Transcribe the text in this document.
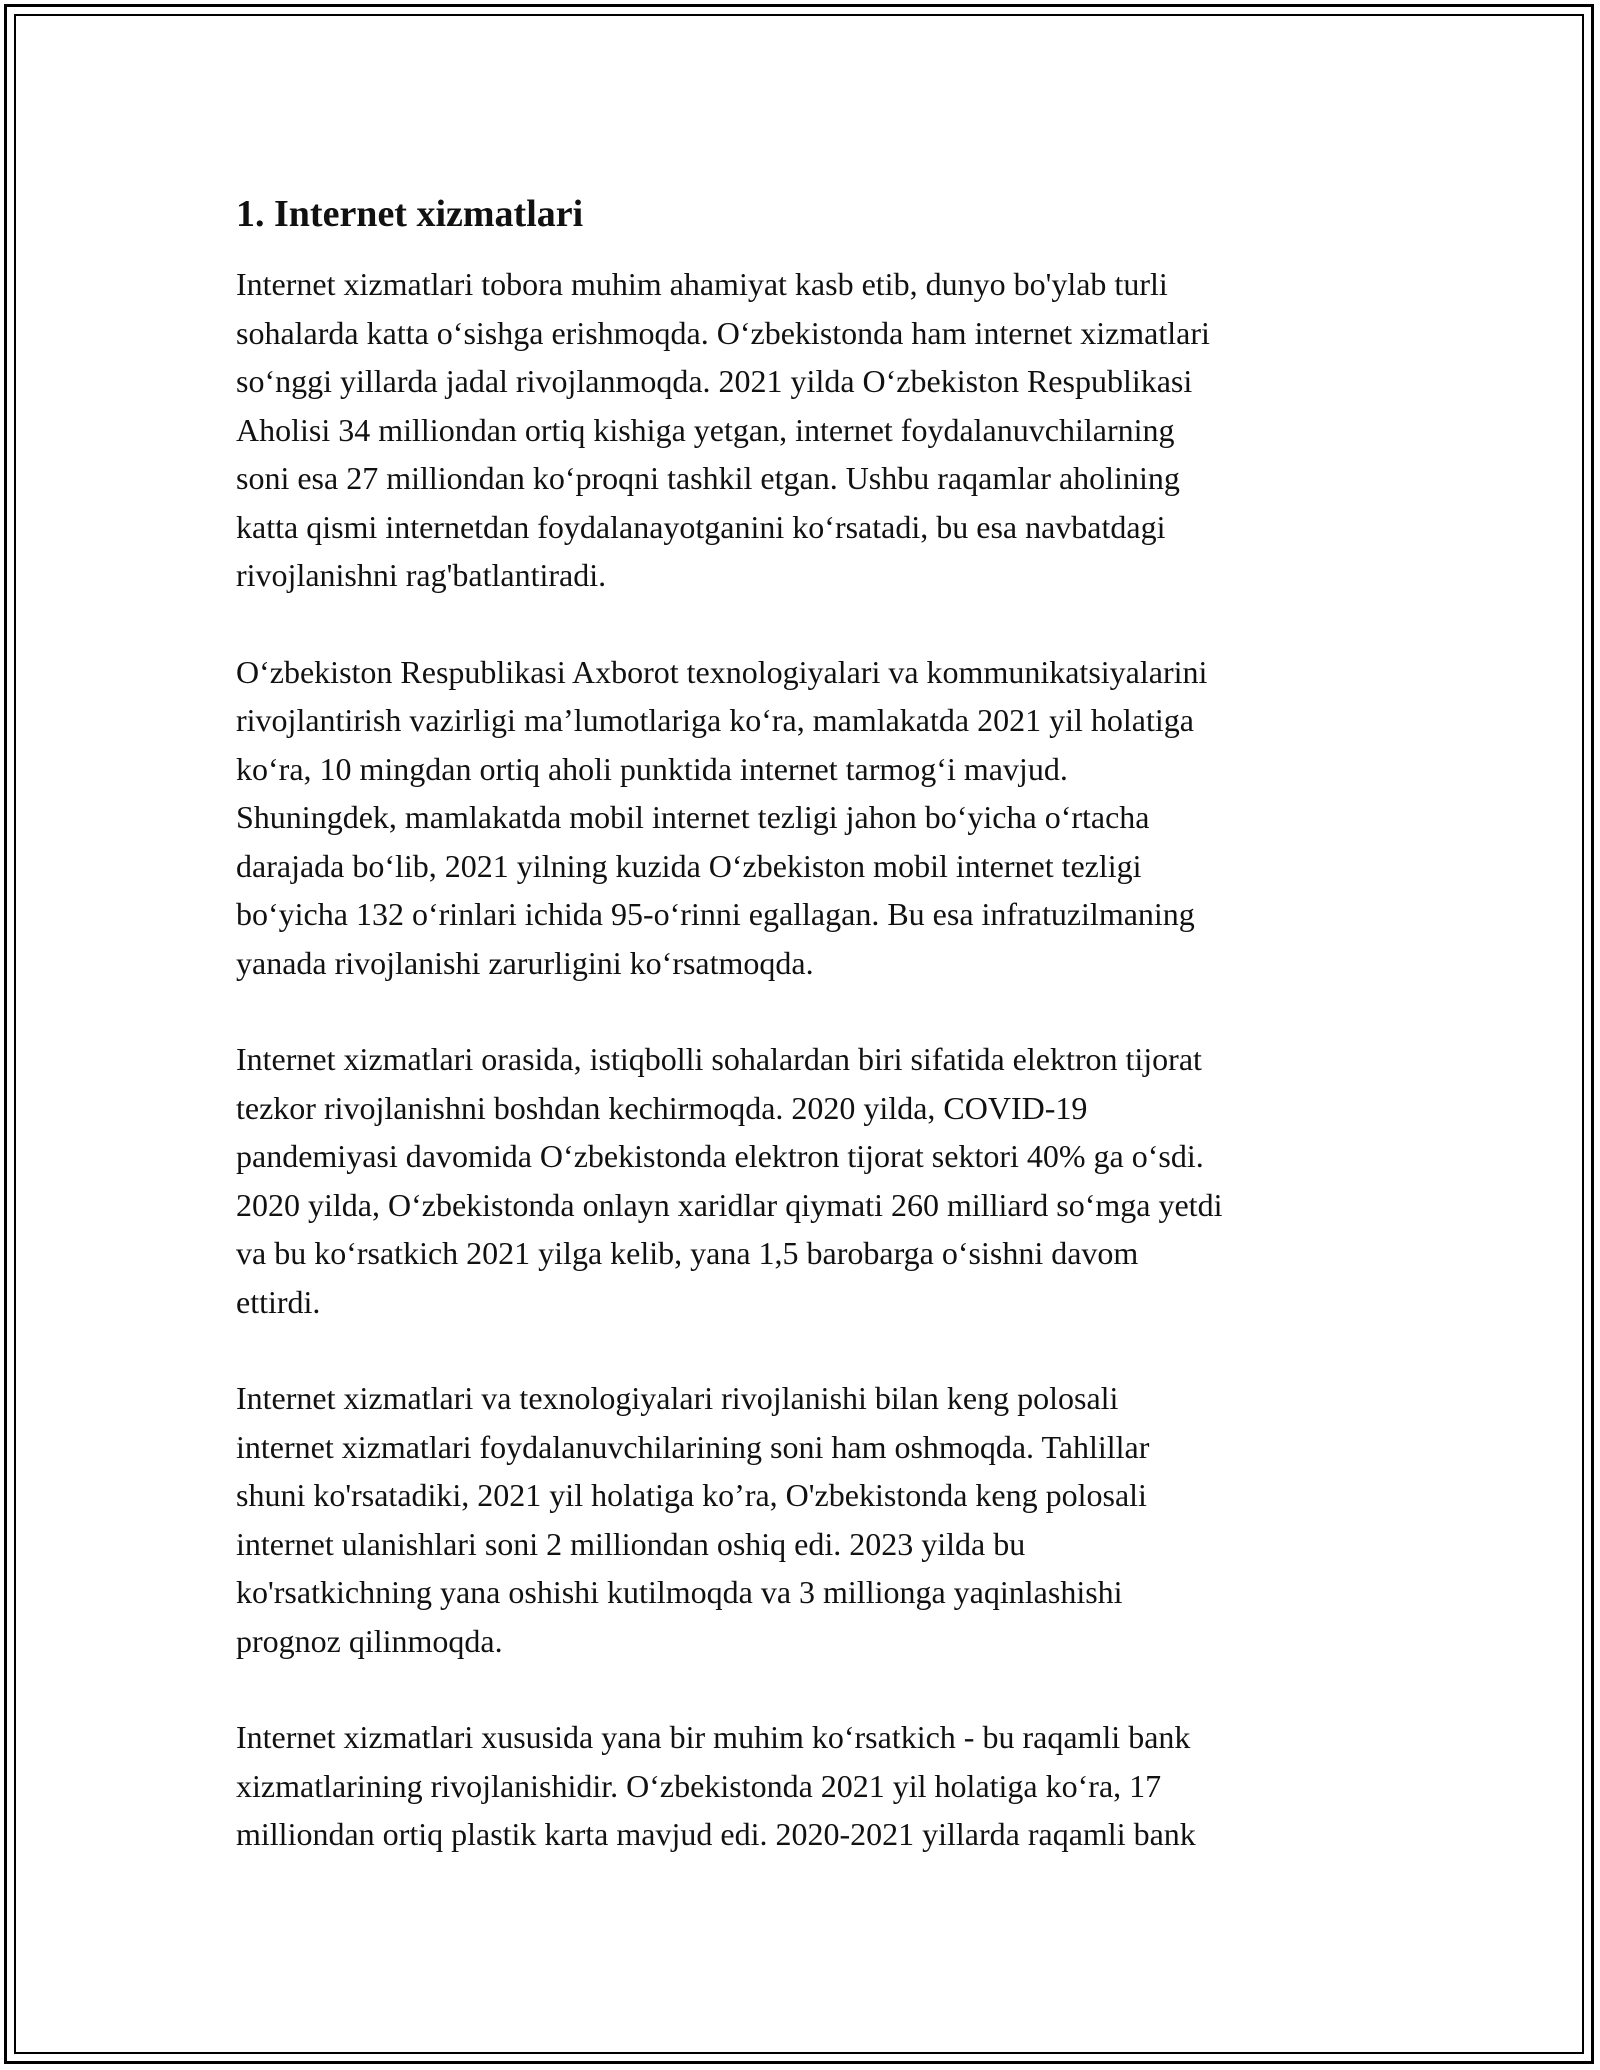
1. Internet xizmatlari
Internet xizmatlari tobora muhim ahamiyat kasb etib, dunyo bo'ylab turli
sohalarda katta o‘sishga erishmoqda. O‘zbekistonda ham internet xizmatlari
so‘nggi yillarda jadal rivojlanmoqda. 2021 yilda O‘zbekiston Respublikasi
Aholisi 34 milliondan ortiq kishiga yetgan, internet foydalanuvchilarning
soni esa 27 milliondan ko‘proqni tashkil etgan. Ushbu raqamlar aholining
katta qismi internetdan foydalanayotganini ko‘rsatadi, bu esa navbatdagi
rivojlanishni rag'batlantiradi.
O‘zbekiston Respublikasi Axborot texnologiyalari va kommunikatsiyalarini
rivojlantirish vazirligi ma’lumotlariga ko‘ra, mamlakatda 2021 yil holatiga
ko‘ra, 10 mingdan ortiq aholi punktida internet tarmog‘i mavjud.
Shuningdek, mamlakatda mobil internet tezligi jahon bo‘yicha o‘rtacha
darajada bo‘lib, 2021 yilning kuzida O‘zbekiston mobil internet tezligi
bo‘yicha 132 o‘rinlari ichida 95-o‘rinni egallagan. Bu esa infratuzilmaning
yanada rivojlanishi zarurligini ko‘rsatmoqda.
Internet xizmatlari orasida, istiqbolli sohalardan biri sifatida elektron tijorat
tezkor rivojlanishni boshdan kechirmoqda. 2020 yilda, COVID-19
pandemiyasi davomida O‘zbekistonda elektron tijorat sektori 40% ga o‘sdi.
2020 yilda, O‘zbekistonda onlayn xaridlar qiymati 260 milliard so‘mga yetdi
va bu ko‘rsatkich 2021 yilga kelib, yana 1,5 barobarga o‘sishni davom
ettirdi.
Internet xizmatlari va texnologiyalari rivojlanishi bilan keng polosali
internet xizmatlari foydalanuvchilarining soni ham oshmoqda. Tahlillar
shuni ko'rsatadiki, 2021 yil holatiga ko’ra, O'zbekistonda keng polosali
internet ulanishlari soni 2 milliondan oshiq edi. 2023 yilda bu
ko'rsatkichning yana oshishi kutilmoqda va 3 millionga yaqinlashishi
prognoz qilinmoqda.
Internet xizmatlari xususida yana bir muhim ko‘rsatkich - bu raqamli bank
xizmatlarining rivojlanishidir. O‘zbekistonda 2021 yil holatiga ko‘ra, 17
milliondan ortiq plastik karta mavjud edi. 2020-2021 yillarda raqamli bank
